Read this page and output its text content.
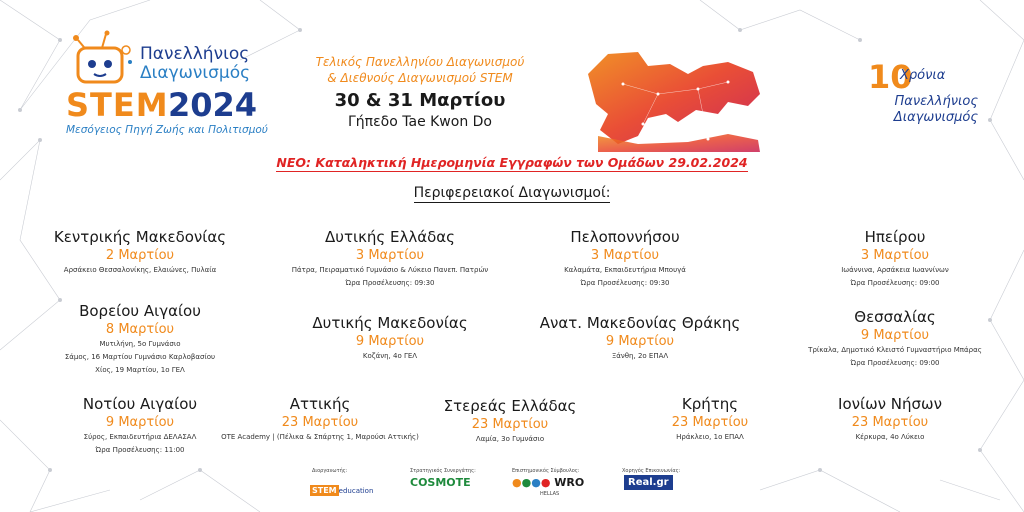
Πανελλήνιος
Διαγωνισμός
STEM 2024
Μεσόγειος Πηγή Ζωής και Πολιτισμού
Τελικός Πανελληνίου Διαγωνισμού
& Διεθνούς Διαγωνισμού STEM
30 & 31 Μαρτίου
Γήπεδο Tae Kwon Do
10
Χρόνια
Πανελλήνιος
Διαγωνισμός
ΝΕΟ: Καταληκτική Ημερομηνία Εγγραφών των Ομάδων 29.02.2024
Περιφερειακοί Διαγωνισμοί:
Κεντρικής Μακεδονίας
2 Μαρτίου
Αρσάκειο Θεσσαλονίκης, Ελαιώνες, Πυλαία
Δυτικής Ελλάδας
3 Μαρτίου
Πάτρα, Πειραματικό Γυμνάσιο & Λύκειο Πανεπ. Πατρών
Ώρα Προσέλευσης: 09:30
Πελοποννήσου
3 Μαρτίου
Καλαμάτα, Εκπαιδευτήρια Μπουγά
Ώρα Προσέλευσης: 09:30
Ηπείρου
3 Μαρτίου
Ιωάννινα, Αρσάκεια Ιωαννίνων
Ώρα Προσέλευσης: 09:00
Βορείου Αιγαίου
8 Μαρτίου
Μυτιλήνη, 5ο Γυμνάσιο
Σάμος, 16 Μαρτίου Γυμνάσιο Καρλοβασίου
Χίος, 19 Μαρτίου, 1ο ΓΕΛ
Δυτικής Μακεδονίας
9 Μαρτίου
Κοζάνη, 4ο ΓΕΛ
Ανατ. Μακεδονίας Θράκης
9 Μαρτίου
Ξάνθη, 2ο ΕΠΑΛ
Θεσσαλίας
9 Μαρτίου
Τρίκαλα, Δημοτικό Κλειστό Γυμναστήριο Μπάρας
Ώρα Προσέλευσης: 09:00
Νοτίου Αιγαίου
9 Μαρτίου
Σύρος, Εκπαιδευτήρια ΔΕΛΑΣΑΛ
Ώρα Προσέλευσης: 11:00
Αττικής
23 Μαρτίου
OTE Academy | (Πέλικα & Σπάρτης 1, Μαρούσι Αττικής)
Στερεάς Ελλάδας
23 Μαρτίου
Λαμία, 3ο Γυμνάσιο
Κρήτης
23 Μαρτίου
Ηράκλειο, 1ο ΕΠΑΛ
Ιονίων Νήσων
23 Μαρτίου
Κέρκυρα, 4ο Λύκειο
Διοργανωτής:
STEM education
Στρατηγικός Συνεργάτης:
COSMOTE
Επιστημονικός Σύμβουλος:
●●●● WRO
HELLAS
Χορηγός Επικοινωνίας:
Real.gr
